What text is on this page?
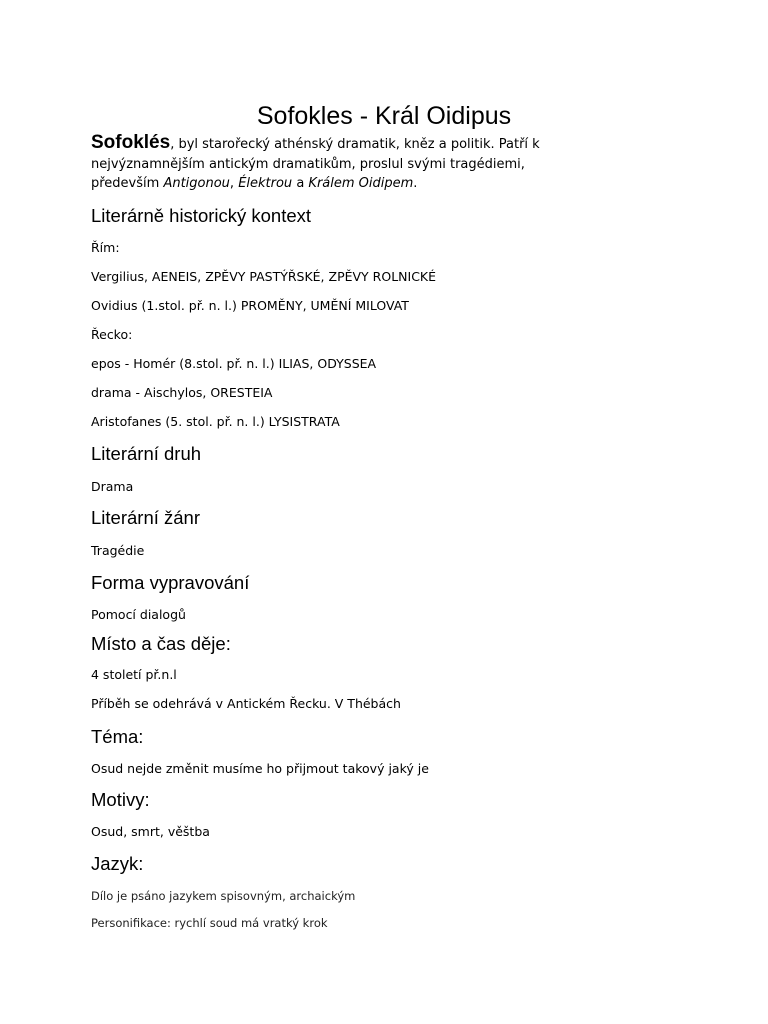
Sofokles - Král Oidipus
Sofoklés, byl starořecký athénský dramatik, kněz a politik. Patří k nejvýznamnějším antickým dramatikům, proslul svými tragédiemi, především Antigonou, Élektrou a Králem Oidipem.
Literárně historický kontext
Řím:
Vergilius, AENEIS, ZPĚVY PASTÝŘSKÉ, ZPĚVY ROLNICKÉ
Ovidius (1.stol. př. n. l.) PROMĚNY, UMĚNÍ MILOVAT
Řecko:
epos - Homér (8.stol. př. n. l.) ILIAS, ODYSSEA
drama - Aischylos, ORESTEIA
Aristofanes (5. stol. př. n. l.) LYSISTRATA
Literární druh
Drama
Literární žánr
Tragédie
Forma vypravování
Pomocí dialogů
Místo a čas děje:
4 století př.n.l
Příběh se odehrává v Antickém Řecku. V Thébách
Téma:
Osud nejde změnit musíme ho přijmout takový jaký je
Motivy:
Osud, smrt, věštba
Jazyk:
Dílo je psáno jazykem spisovným, archaickým
Personifikace: rychlí soud má vratký krok
